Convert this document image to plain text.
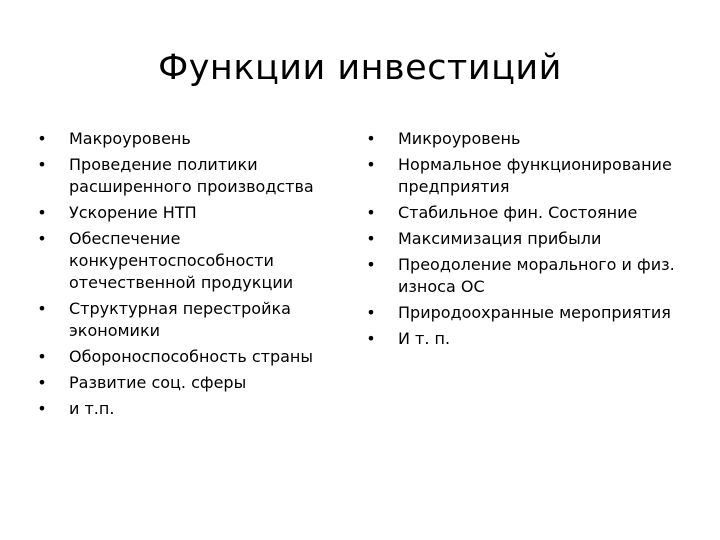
Функции инвестиций
• Макроуровень
• Проведение политики расширенного производства
• Ускорение НТП
• Обеспечение конкурентоспособности отечественной продукции
• Структурная перестройка экономики
• Обороноспособность страны
• Развитие соц. сферы
• и т.п.
• Микроуровень
• Нормальное функционирование предприятия
• Стабильное фин. Состояние
• Максимизация прибыли
• Преодоление морального и физ. износа ОС
• Природоохранные мероприятия
• И т. п.
